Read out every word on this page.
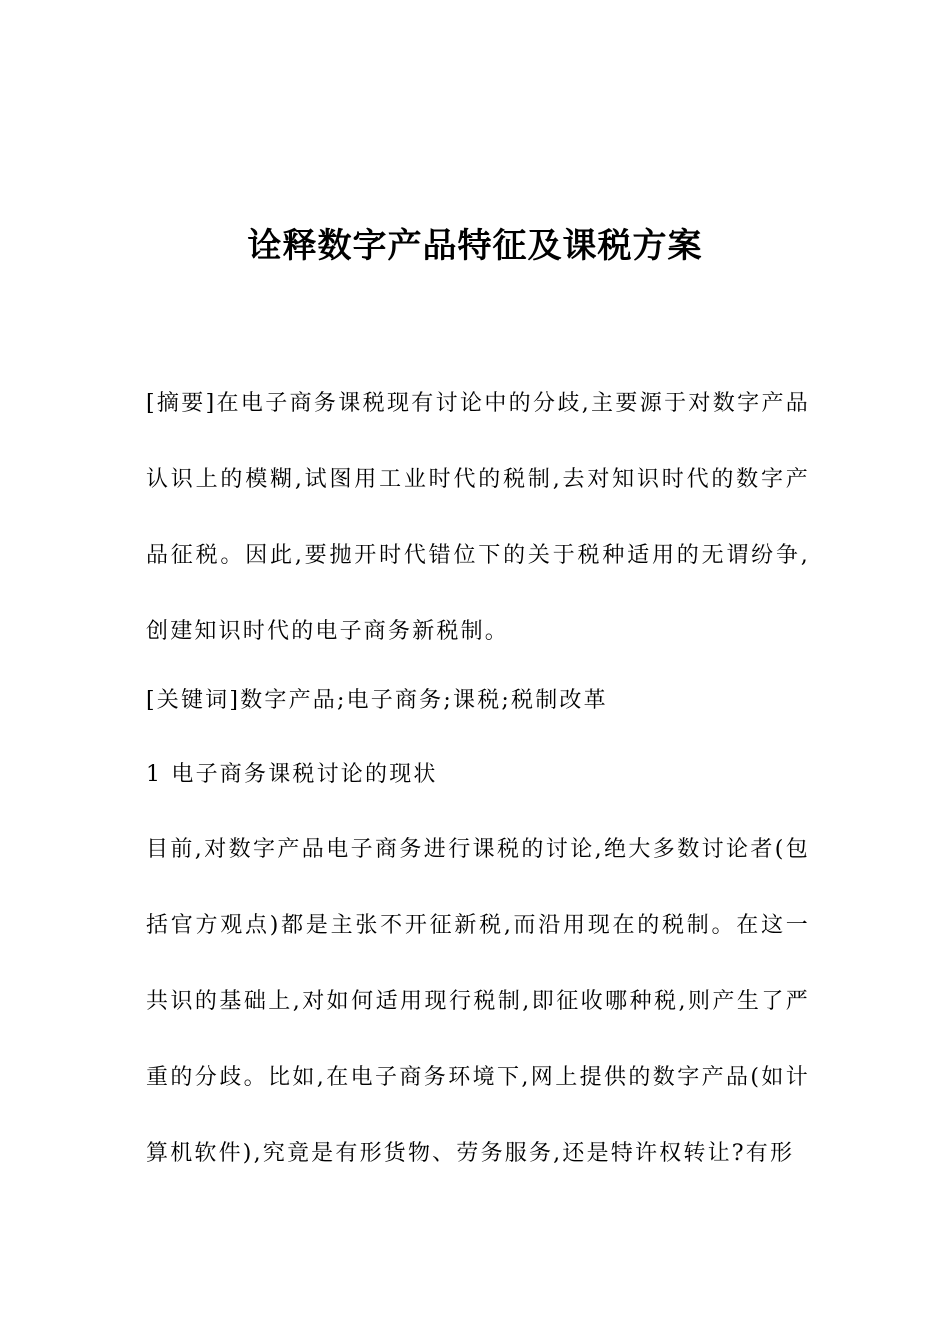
诠释数字产品特征及课税方案

[摘要]在电子商务课税现有讨论中的分歧,主要源于对数字产品认识上的模糊,试图用工业时代的税制,去对知识时代的数字产品征税。因此,要抛开时代错位下的关于税种适用的无谓纷争,创建知识时代的电子商务新税制。

[关键词]数字产品;电子商务;课税;税制改革

1 电子商务课税讨论的现状

目前,对数字产品电子商务进行课税的讨论,绝大多数讨论者(包括官方观点)都是主张不开征新税,而沿用现在的税制。在这一共识的基础上,对如何适用现行税制,即征收哪种税,则产生了严重的分歧。比如,在电子商务环境下,网上提供的数字产品(如计算机软件),究竟是有形货物、劳务服务,还是特许权转让?有形
